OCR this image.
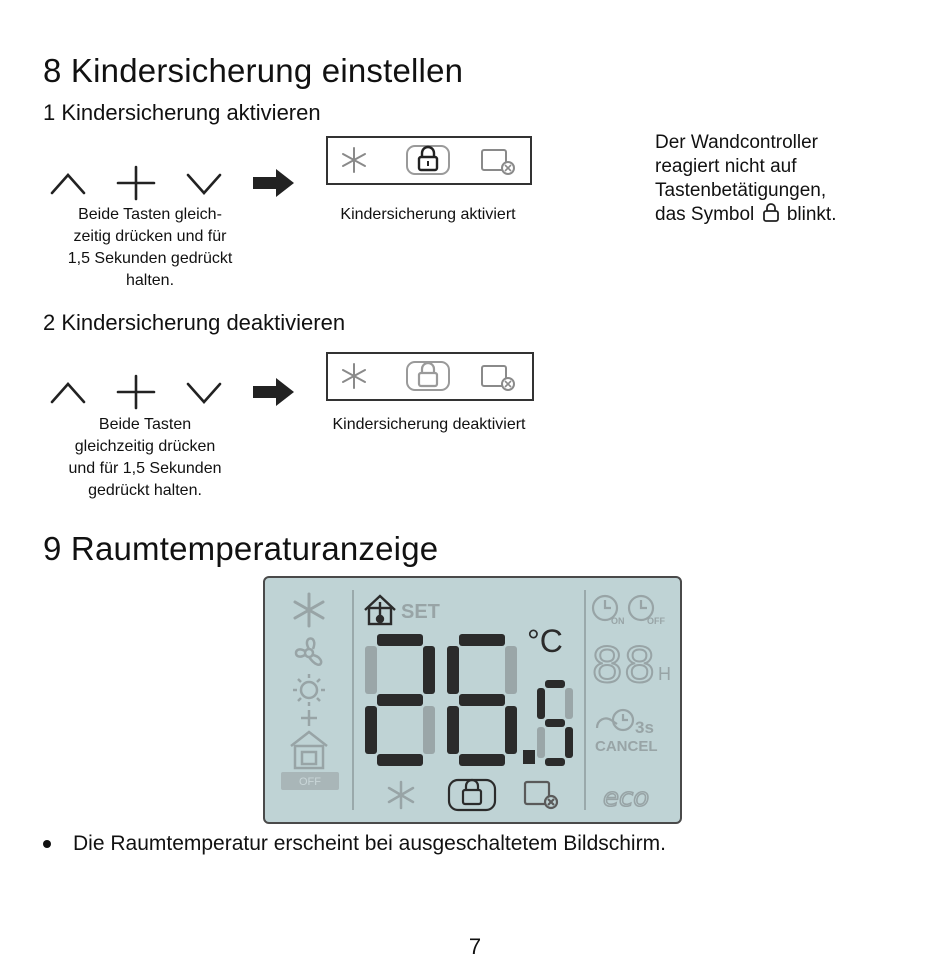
8 Kindersicherung einstellen
1 Kindersicherung aktivieren
Beide Tasten gleich-
zeitig drücken und für
1,5 Sekunden gedrückt
halten.
Kindersicherung aktiviert
Der Wandcontroller
reagiert nicht auf
Tastenbetätigungen,
das Symbol blinkt.
2 Kindersicherung deaktivieren
Beide Tasten
gleichzeitig drücken
und für 1,5 Sekunden
gedrückt halten.
Kindersicherung deaktiviert
9 Raumtemperaturanzeige
OFF
SET
°C
ON	OFF
88 H
3s
CANCEL
eco
Die Raumtemperatur erscheint bei ausgeschaltetem Bildschirm.
7
